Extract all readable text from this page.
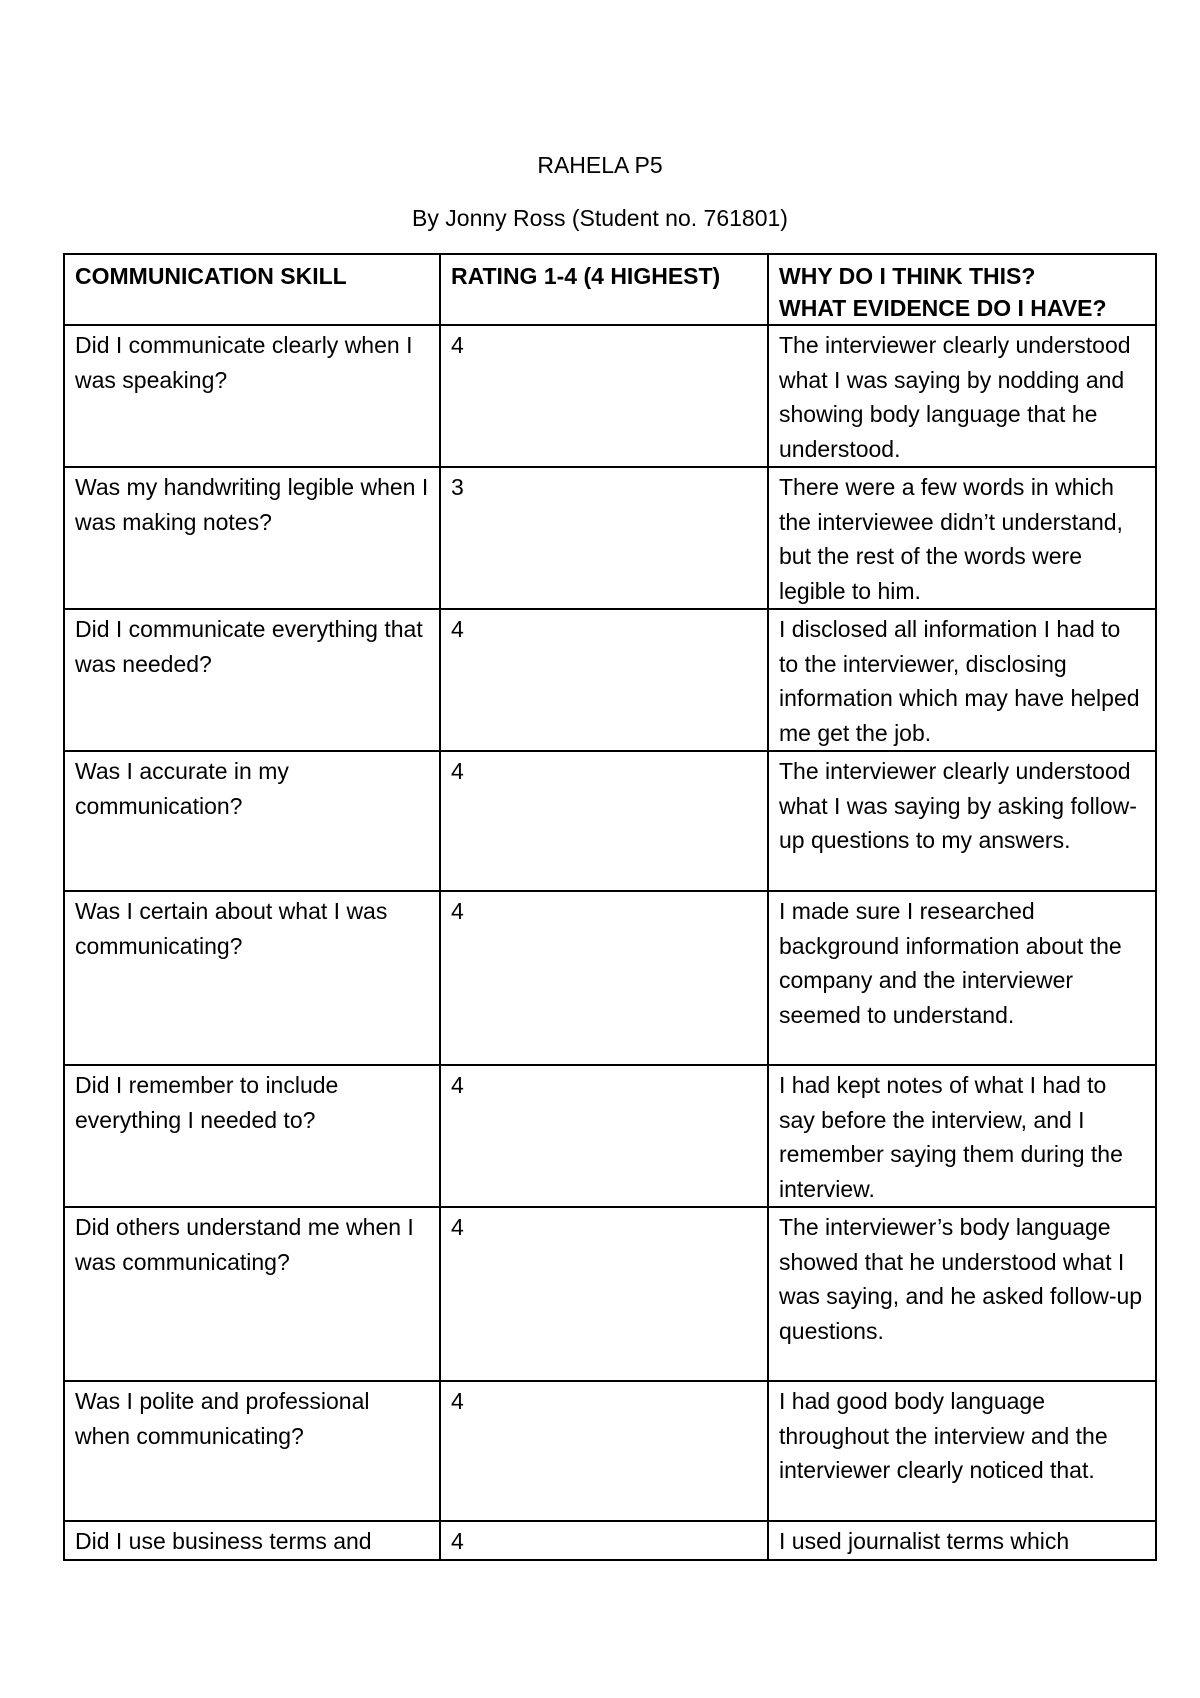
RAHELA P5
By Jonny Ross (Student no. 761801)
COMMUNICATION SKILL	RATING 1-4 (4 HIGHEST)	WHY DO I THINK THIS?
WHAT EVIDENCE DO I HAVE?

Did I communicate clearly when I was speaking?	4	The interviewer clearly understood what I was saying by nodding and showing body language that he understood.
Was my handwriting legible when I was making notes?	3	There were a few words in which the interviewee didn’t understand, but the rest of the words were legible to him.
Did I communicate everything that was needed?	4	I disclosed all information I had to to the interviewer, disclosing information which may have helped me get the job.
Was I accurate in my communication?	4	The interviewer clearly understood what I was saying by asking follow-up questions to my answers.
Was I certain about what I was communicating?	4	I made sure I researched background information about the company and the interviewer seemed to understand.
Did I remember to include everything I needed to?	4	I had kept notes of what I had to say before the interview, and I remember saying them during the interview.
Did others understand me when I was communicating?	4	The interviewer’s body language showed that he understood what I was saying, and he asked follow-up questions.
Was I polite and professional when communicating?	4	I had good body language throughout the interview and the interviewer clearly noticed that.
Did I use business terms and	4	I used journalist terms which
